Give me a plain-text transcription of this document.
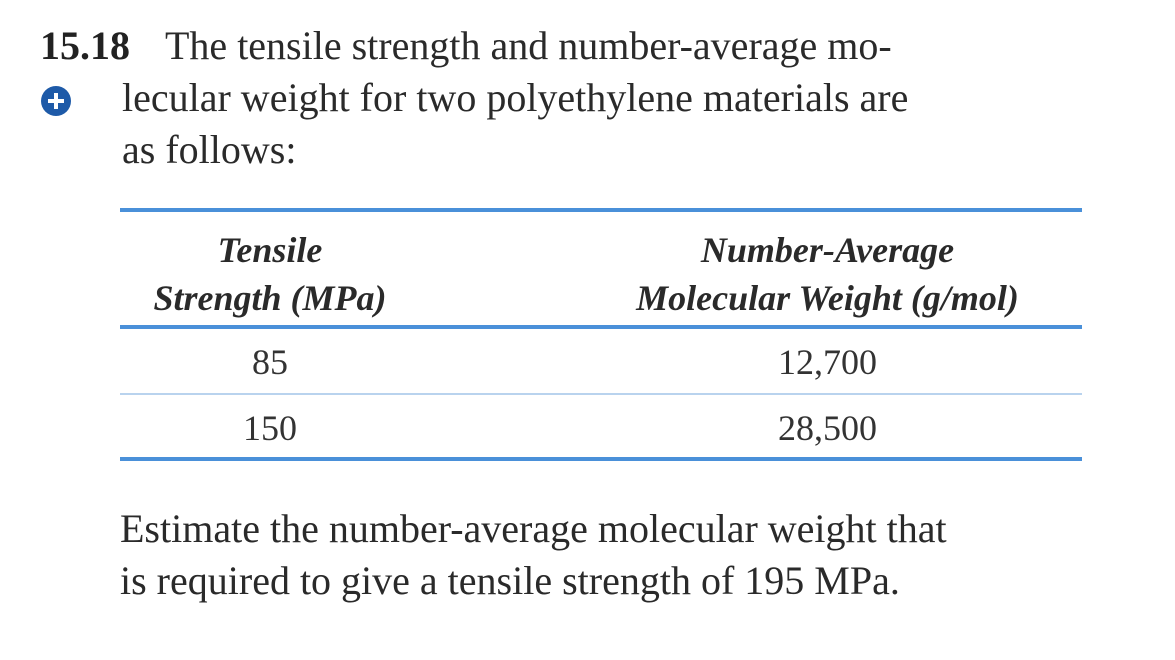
15.18 The tensile strength and number-average mo-
lecular weight for two polyethylene materials are
as follows:
Tensile
Strength (MPa)
Number-Average
Molecular Weight (g/mol)
85	12,700
150	28,500
Estimate the number-average molecular weight that
is required to give a tensile strength of 195 MPa.
